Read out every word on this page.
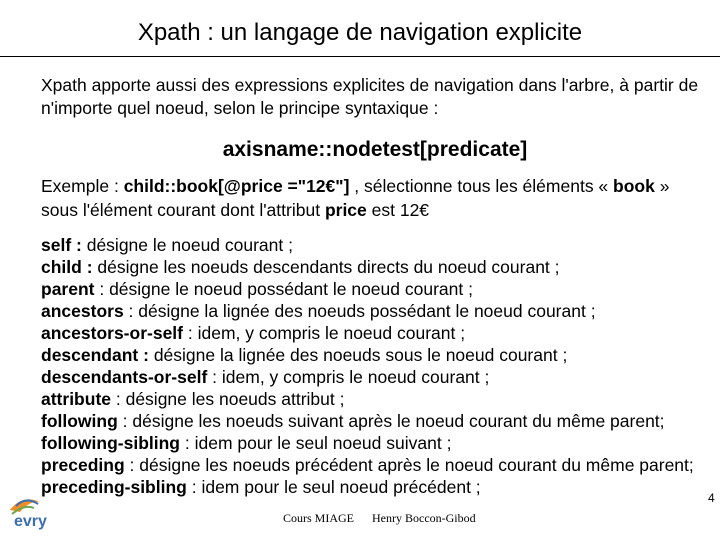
Xpath : un langage de navigation explicite
Xpath apporte aussi des expressions explicites de navigation dans l'arbre, à partir de n'importe quel noeud, selon le principe syntaxique :
axisname::nodetest[predicate]
Exemple : child::book[@price ="12€"] , sélectionne tous les éléments « book » sous l'élément courant dont l'attribut price est 12€
self : désigne le noeud courant ;
child : désigne les noeuds descendants directs du noeud courant ;
parent : désigne le noeud possédant le noeud courant ;
ancestors : désigne la lignée des noeuds possédant le noeud courant ;
ancestors-or-self : idem, y compris le noeud courant ;
descendant : désigne la lignée des noeuds sous le noeud courant ;
descendants-or-self : idem, y compris le noeud courant ;
attribute : désigne les noeuds attribut ;
following : désigne les noeuds suivant après le noeud courant du même parent;
following-sibling : idem pour le seul noeud suivant ;
preceding : désigne les noeuds précédent après le noeud courant du même parent;
preceding-sibling : idem pour le seul noeud précédent ;
evry	Cours MIAGE Henry Boccon-Gibod
4
